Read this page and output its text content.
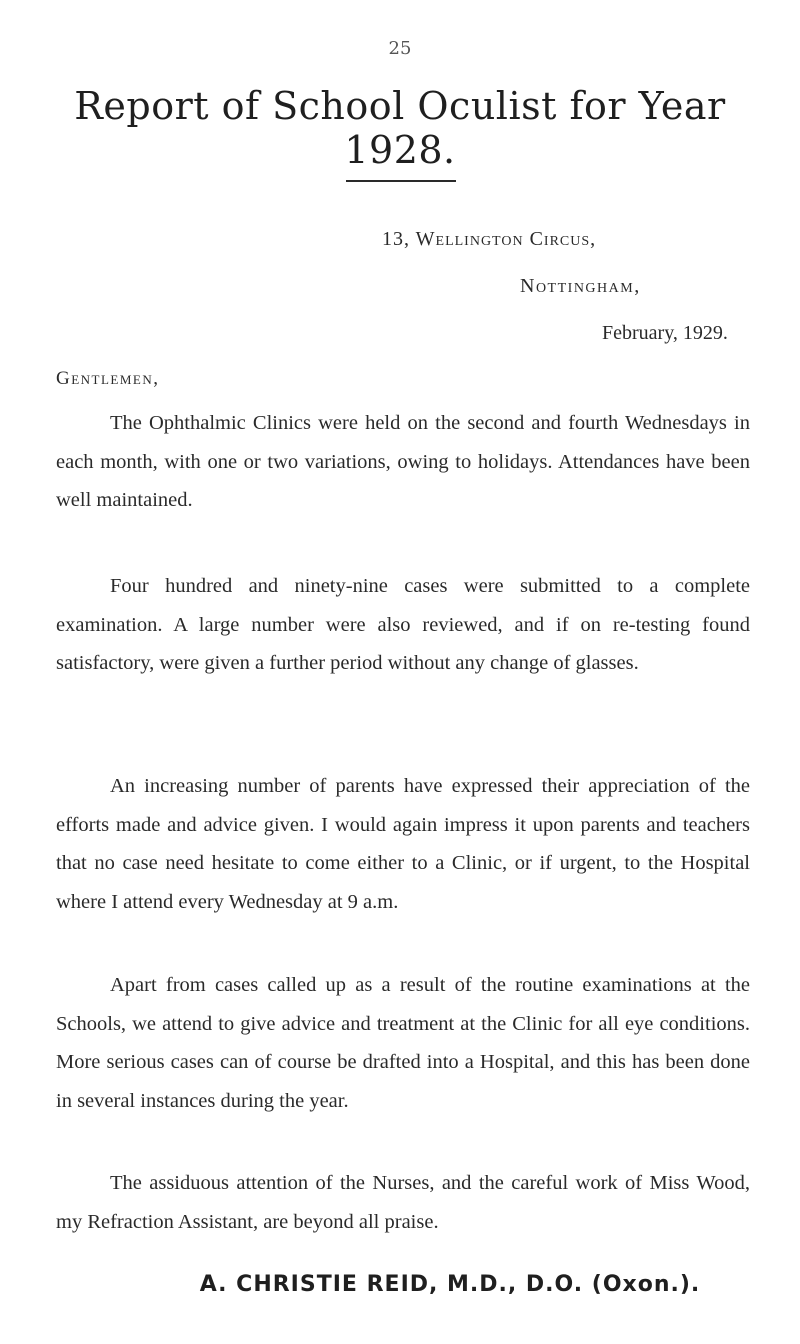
25
Report of School Oculist for Year 1928.
13, Wellington Circus,
Nottingham,
February, 1929.
Gentlemen,

The Ophthalmic Clinics were held on the second and fourth Wednesdays in each month, with one or two variations, owing to holidays. Attendances have been well maintained.

Four hundred and ninety-nine cases were submitted to a complete examination. A large number were also reviewed, and if on re-testing found satisfactory, were given a further period without any change of glasses.

An increasing number of parents have expressed their appreciation of the efforts made and advice given. I would again impress it upon parents and teachers that no case need hesitate to come either to a Clinic, or if urgent, to the Hospital where I attend every Wednesday at 9 a.m.

Apart from cases called up as a result of the routine examinations at the Schools, we attend to give advice and treatment at the Clinic for all eye conditions. More serious cases can of course be drafted into a Hospital, and this has been done in several instances during the year.

The assiduous attention of the Nurses, and the careful work of Miss Wood, my Refraction Assistant, are beyond all praise.

A. CHRISTIE REID, M.D., D.O. (Oxon.).
